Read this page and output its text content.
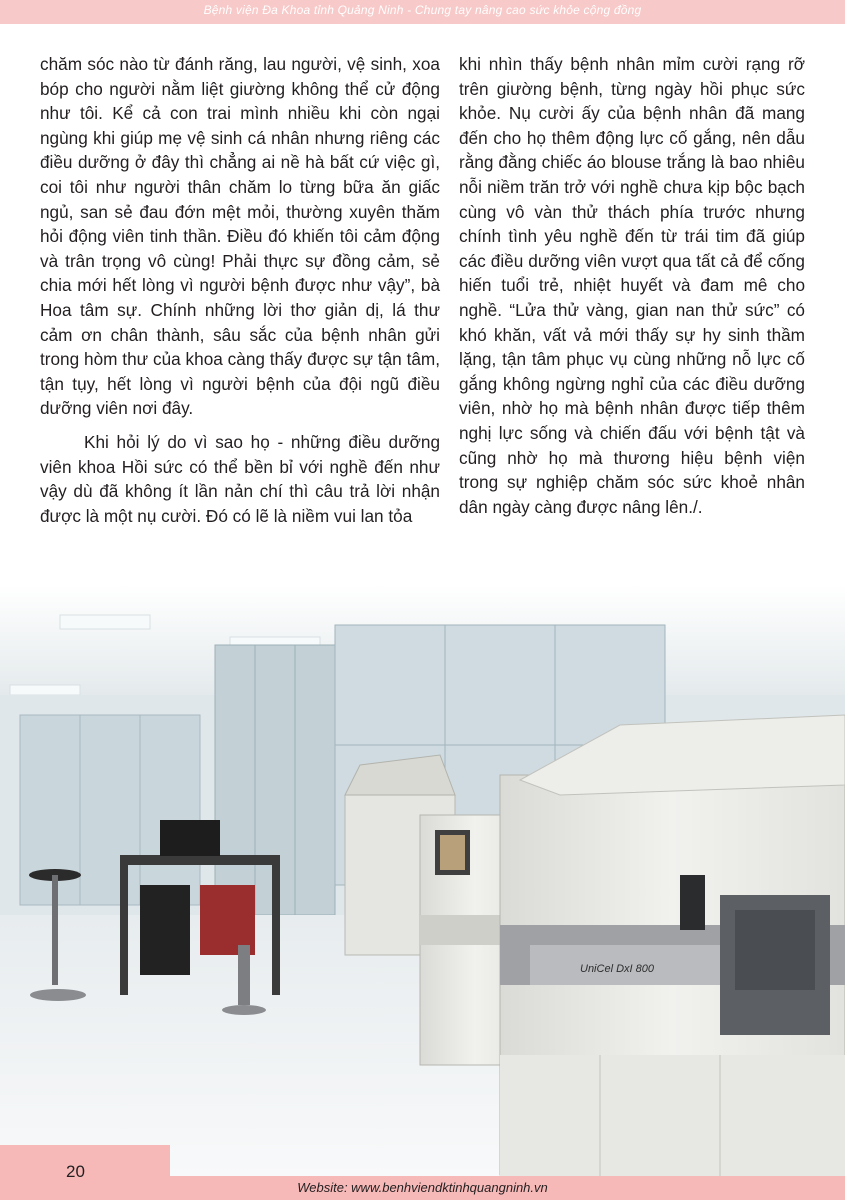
Bệnh viện Đa Khoa tỉnh Quảng Ninh - Chung tay nâng cao sức khỏe cộng đồng

chăm sóc nào từ đánh răng, lau người, vệ sinh, xoa bóp cho người nằm liệt giường không thể cử động như tôi. Kể cả con trai mình nhiều khi còn ngại ngùng khi giúp mẹ vệ sinh cá nhân nhưng riêng các điều dưỡng ở đây thì chẳng ai nề hà bất cứ việc gì, coi tôi như người thân chăm lo từng bữa ăn giấc ngủ, san sẻ đau đớn mệt mỏi, thường xuyên thăm hỏi động viên tinh thần. Điều đó khiến tôi cảm động và trân trọng vô cùng! Phải thực sự đồng cảm, sẻ chia mới hết lòng vì người bệnh được như vậy”, bà Hoa tâm sự. Chính những lời thơ giản dị, lá thư cảm ơn chân thành, sâu sắc của bệnh nhân gửi trong hòm thư của khoa càng thấy được sự tận tâm, tận tụy, hết lòng vì người bệnh của đội ngũ điều dưỡng viên nơi đây.

Khi hỏi lý do vì sao họ - những điều dưỡng viên khoa Hồi sức có thể bền bỉ với nghề đến như vậy dù đã không ít lần nản chí thì câu trả lời nhận được là một nụ cười. Đó có lẽ là niềm vui lan tỏa

khi nhìn thấy bệnh nhân mỉm cười rạng rỡ trên giường bệnh, từng ngày hồi phục sức khỏe. Nụ cười ấy của bệnh nhân đã mang đến cho họ thêm động lực cố gắng, nên dẫu rằng đằng chiếc áo blouse trắng là bao nhiêu nỗi niềm trăn trở với nghề chưa kịp bộc bạch cùng vô vàn thử thách phía trước nhưng chính tình yêu nghề đến từ trái tim đã giúp các điều dưỡng viên vượt qua tất cả để cống hiến tuổi trẻ, nhiệt huyết và đam mê cho nghề. “Lửa thử vàng, gian nan thử sức” có khó khăn, vất vả mới thấy sự hy sinh thầm lặng, tận tâm phục vụ cùng những nỗ lực cố gắng không ngừng nghỉ của các điều dưỡng viên, nhờ họ mà bệnh nhân được tiếp thêm nghị lực sống và chiến đấu với bệnh tật và cũng nhờ họ mà thương hiệu bệnh viện trong sự nghiệp chăm sóc sức khoẻ nhân dân ngày càng được nâng lên./.

UniCel DxI 800
20
Website: www.benhviendktinhquangninh.vn
